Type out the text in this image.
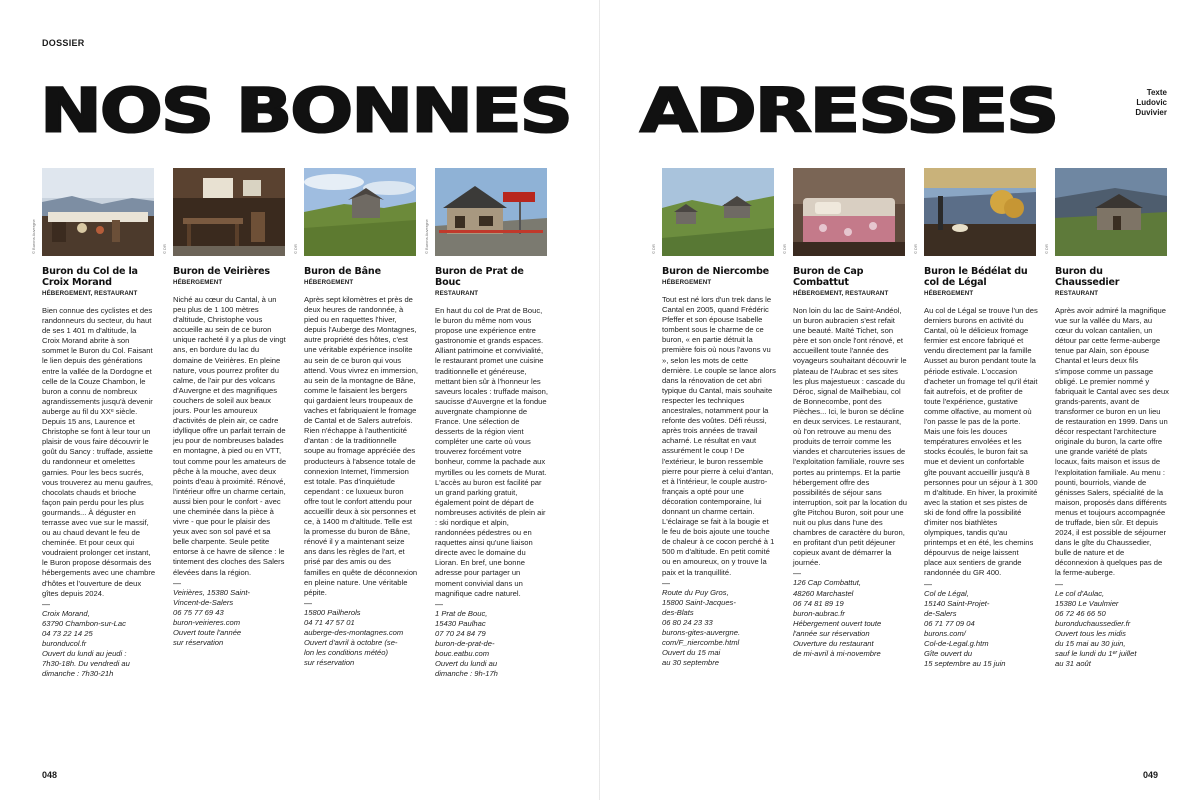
DOSSIER
NOS BONNES
© Burons Auvergne
Buron du Col de la Croix Morand
HÉBERGEMENT, RESTAURANT
Bien connue des cyclistes et des randonneurs du secteur, du haut de ses 1 401 m d'altitude, la Croix Morand abrite à son sommet le Buron du Col. Faisant le lien depuis des générations entre la vallée de la Dordogne et celle de la Couze Chambon, le buron a connu de nombreux agrandissements jusqu'à devenir auberge au fil du XXᵉ siècle. Depuis 15 ans, Laurence et Christophe se font à leur tour un plaisir de vous faire découvrir le goût du Sancy : truffade, assiette du randonneur et omelettes garnies. Pour les becs sucrés, vous trouverez au menu gaufres, chocolats chauds et brioche façon pain perdu pour les plus gourmands... À déguster en terrasse avec vue sur le massif, ou au chaud devant le feu de cheminée. Et pour ceux qui voudraient prolonger cet instant, le Buron propose désormais des hébergements avec une chambre d'hôtes et l'ouverture de deux gîtes depuis 2024.
—
Croix Morand,
63790 Chambon-sur-Lac
04 73 22 14 25
buronducol.fr
Ouvert du lundi au jeudi :
7h30-18h. Du vendredi au
dimanche : 7h30-21h
© DR
Buron de Veirières
HÉBERGEMENT
Niché au cœur du Cantal, à un peu plus de 1 100 mètres d'altitude, Christophe vous accueille au sein de ce buron unique racheté il y a plus de vingt ans, en bordure du lac du domaine de Veirières. En pleine nature, vous pourrez profiter du calme, de l'air pur des volcans d'Auvergne et des magnifiques couchers de soleil aux beaux jours. Pour les amoureux d'activités de plein air, ce cadre idyllique offre un parfait terrain de jeu pour de nombreuses balades en montagne, à pied ou en VTT, tout comme pour les amateurs de pêche à la mouche, avec deux points d'eau à proximité. Rénové, l'intérieur offre un charme certain, aussi bien pour le confort - avec une cheminée dans la pièce à vivre - que pour le plaisir des yeux avec son sol pavé et sa belle charpente. Seule petite entorse à ce havre de silence : le tintement des cloches des Salers élevées dans la région.
—
Veirières, 15380 Saint-
Vincent-de-Salers
06 75 77 69 43
buron-veirieres.com
Ouvert toute l'année
sur réservation
© DR
Buron de Bâne
HÉBERGEMENT
Après sept kilomètres et près de deux heures de randonnée, à pied ou en raquettes l'hiver, depuis l'Auberge des Montagnes, autre propriété des hôtes, c'est une véritable expérience insolite au sein de ce buron qui vous attend. Vous vivrez en immersion, au sein de la montagne de Bâne, comme le faisaient les bergers qui gardaient leurs troupeaux de vaches et fabriquaient le fromage de Cantal et de Salers autrefois. Rien n'échappe à l'authenticité d'antan : de la traditionnelle soupe au fromage appréciée des producteurs à l'absence totale de connexion Internet, l'immersion est totale. Pas d'inquiétude cependant : ce luxueux buron offre tout le confort attendu pour accueillir deux à six personnes et ce, à 1400 m d'altitude. Telle est la promesse du buron de Bâne, rénové il y a maintenant seize ans dans les règles de l'art, et prisé par des amis ou des familles en quête de déconnexion en pleine nature. Une véritable pépite.
—
15800 Pailherols
04 71 47 57 01
auberge-des-montagnes.com
Ouvert d'avril à octobre (se-
lon les conditions météo)
sur réservation
© Burons Auvergne
Buron de Prat de Bouc
RESTAURANT
En haut du col de Prat de Bouc, le buron du même nom vous propose une expérience entre gastronomie et grands espaces. Alliant patrimoine et convivialité, le restaurant promet une cuisine traditionnelle et généreuse, mettant bien sûr à l'honneur les saveurs locales : truffade maison, saucisse d'Auvergne et la fondue auvergnate championne de France. Une sélection de desserts de la région vient compléter une carte où vous trouverez forcément votre bonheur, comme la pachade aux myrtilles ou les cornets de Murat. L'accès au buron est facilité par un grand parking gratuit, également point de départ de nombreuses activités de plein air : ski nordique et alpin, randonnées pédestres ou en raquettes ainsi qu'une liaison directe avec le domaine du Lioran. En bref, une bonne adresse pour partager un moment convivial dans un magnifique cadre naturel.
—
1 Prat de Bouc,
15430 Paulhac
07 70 24 84 79
buron-de-prat-de-
bouc.eatbu.com
Ouvert du lundi au
dimanche : 9h-17h
048
ADRESSES	Texte
Ludovic
Duvivier
© DR
Buron de Niercombe
HÉBERGEMENT
Tout est né lors d'un trek dans le Cantal en 2005, quand Frédéric Pfeffer et son épouse Isabelle tombent sous le charme de ce buron, « en partie détruit la première fois où nous l'avons vu », selon les mots de cette dernière. Le couple se lance alors dans la rénovation de cet abri typique du Cantal, mais souhaite respecter les techniques ancestrales, notamment pour la refonte des voûtes. Défi réussi, après trois années de travail acharné. Le résultat en vaut assurément le coup ! De l'extérieur, le buron ressemble pierre pour pierre à celui d'antan, et à l'intérieur, le couple austro-français a opté pour une décoration contemporaine, lui donnant un charme certain. L'éclairage se fait à la bougie et le feu de bois ajoute une touche de chaleur à ce cocon perché à 1 500 m d'altitude. En petit comité ou en amoureux, on y trouve la paix et la tranquillité.
—
Route du Puy Gros,
15800 Saint-Jacques-
des-Blats
06 80 24 23 33
burons-gites-auvergne.
com/F_niercombe.html
Ouvert du 15 mai
au 30 septembre
© DR
Buron de Cap Combattut
HÉBERGEMENT, RESTAURANT
Non loin du lac de Saint-Andéol, un buron aubracien s'est refait une beauté. Maïté Tichet, son père et son oncle l'ont rénové, et accueillent toute l'année des voyageurs souhaitant découvrir le plateau de l'Aubrac et ses sites les plus majestueux : cascade du Déroc, signal de Mailhebiau, col de Bonnecombe, pont des Pièches... Ici, le buron se décline en deux services. Le restaurant, où l'on retrouve au menu des produits de terroir comme les viandes et charcuteries issues de l'exploitation familiale, rouvre ses portes au printemps. Et la partie hébergement offre des possibilités de séjour sans interruption, soit par la location du gîte Pitchou Buron, soit pour une nuit ou plus dans l'une des chambres de caractère du buron, en profitant d'un petit déjeuner copieux avant de démarrer la journée.
—
126 Cap Combattut,
48260 Marchastel
06 74 81 89 19
buron-aubrac.fr
Hébergement ouvert toute
l'année sur réservation
Ouverture du restaurant
de mi-avril à mi-novembre
© DR
Buron le Bédélat du col de Légal
HÉBERGEMENT
Au col de Légal se trouve l'un des derniers burons en activité du Cantal, où le délicieux fromage fermier est encore fabriqué et vendu directement par la famille Ausset au buron pendant toute la période estivale. L'occasion d'acheter un fromage tel qu'il était fait autrefois, et de profiter de toute l'expérience, gustative comme olfactive, au moment où l'on passe le pas de la porte. Mais une fois les douces températures envolées et les stocks écoulés, le buron fait sa mue et devient un confortable gîte pouvant accueillir jusqu'à 8 personnes pour un séjour à 1 300 m d'altitude. En hiver, la proximité avec la station et ses pistes de ski de fond offre la possibilité d'imiter nos biathlètes olympiques, tandis qu'au printemps et en été, les chemins dépourvus de neige laissent place aux sentiers de grande randonnée du GR 400.
—
Col de Légal,
15140 Saint-Projet-
de-Salers
06 71 77 09 04
burons.com/
Col-de-Legal.g.htm
Gîte ouvert du
15 septembre au 15 juin
© DR
Buron du Chaussedier
RESTAURANT
Après avoir admiré la magnifique vue sur la vallée du Mars, au cœur du volcan cantalien, un détour par cette ferme-auberge tenue par Alain, son épouse Chantal et leurs deux fils s'impose comme un passage obligé. Le premier nommé y fabriquait le Cantal avec ses deux grands-parents, avant de transformer ce buron en un lieu de restauration en 1999. Dans un décor respectant l'architecture originale du buron, la carte offre une grande variété de plats locaux, faits maison et issus de l'exploitation familiale. Au menu : pounti, bourriols, viande de génisses Salers, spécialité de la maison, proposés dans différents menus et toujours accompagnée de truffade, bien sûr. Et depuis 2024, il est possible de séjourner dans le gîte du Chaussedier, bulle de nature et de déconnexion à quelques pas de la ferme-auberge.
—
Le col d'Aulac,
15380 Le Vaulmier
06 72 46 66 50
buronduchaussedier.fr
Ouvert tous les midis
du 15 mai au 30 juin,
sauf le lundi du 1ᵉʳ juillet
au 31 août
049
